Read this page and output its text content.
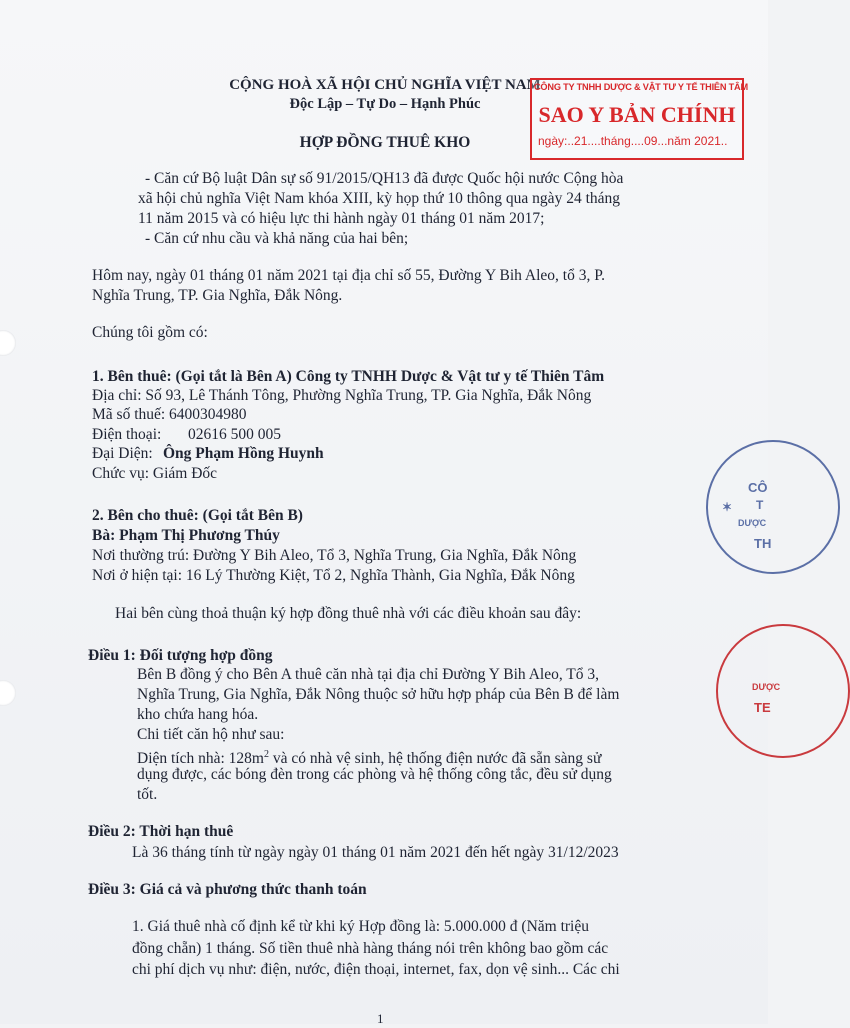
CỘNG HOÀ XÃ HỘI CHỦ NGHĨA VIỆT NAM
Độc Lập – Tự Do – Hạnh Phúc
HỢP ĐỒNG THUÊ KHO
CÔNG TY TNHH DƯỢC & VẬT TƯ Y TẾ THIÊN TÂM
SAO Y BẢN CHÍNH
ngày:..21....tháng....09...năm 2021..
- Căn cứ Bộ luật Dân sự số 91/2015/QH13 đã được Quốc hội nước Cộng hòa
xã hội chủ nghĩa Việt Nam khóa XIII, kỳ họp thứ 10 thông qua ngày 24 tháng
11 năm 2015 và có hiệu lực thi hành ngày 01 tháng 01 năm 2017;
- Căn cứ nhu cầu và khả năng của hai bên;
Hôm nay, ngày 01 tháng 01 năm 2021 tại địa chỉ số 55, Đường Y Bih Aleo, tổ 3, P.
Nghĩa Trung, TP. Gia Nghĩa, Đắk Nông.
Chúng tôi gồm có:
1. Bên thuê: (Gọi tắt là Bên A) Công ty TNHH Dược & Vật tư y tế Thiên Tâm
Địa chỉ: Số 93, Lê Thánh Tông, Phường Nghĩa Trung, TP. Gia Nghĩa, Đắk Nông
Mã số thuế: 6400304980
Điện thoại: 02616 500 005
Đại Diện: Ông Phạm Hồng Huynh
Chức vụ: Giám Đốc
2. Bên cho thuê: (Gọi tắt Bên B)
Bà: Phạm Thị Phương Thúy
Nơi thường trú: Đường Y Bih Aleo, Tổ 3, Nghĩa Trung, Gia Nghĩa, Đắk Nông
Nơi ở hiện tại: 16 Lý Thường Kiệt, Tổ 2, Nghĩa Thành, Gia Nghĩa, Đắk Nông
Hai bên cùng thoả thuận ký hợp đồng thuê nhà với các điều khoản sau đây:
Điều 1: Đối tượng hợp đồng
Bên B đồng ý cho Bên A thuê căn nhà tại địa chỉ Đường Y Bih Aleo, Tổ 3,
Nghĩa Trung, Gia Nghĩa, Đắk Nông thuộc sở hữu hợp pháp của Bên B để làm
kho chứa hang hóa.
Chi tiết căn hộ như sau:
Diện tích nhà: $128m^2$ và có nhà vệ sinh, hệ thống điện nước đã sẵn sàng sử
dụng được, các bóng đèn trong các phòng và hệ thống công tắc, đều sử dụng
tốt.
Điều 2: Thời hạn thuê
Là 36 tháng tính từ ngày ngày 01 tháng 01 năm 2021 đến hết ngày 31/12/2023
Điều 3: Giá cả và phương thức thanh toán
1. Giá thuê nhà cố định kể từ khi ký Hợp đồng là: 5.000.000 đ (Năm triệu
đồng chẵn) 1 tháng. Số tiền thuê nhà hàng tháng nói trên không bao gồm các
chi phí dịch vụ như: điện, nước, điện thoại, internet, fax, dọn vệ sinh... Các chi
1
✶
CÔ
T
DƯỢC
TH
DƯỢC
TE
